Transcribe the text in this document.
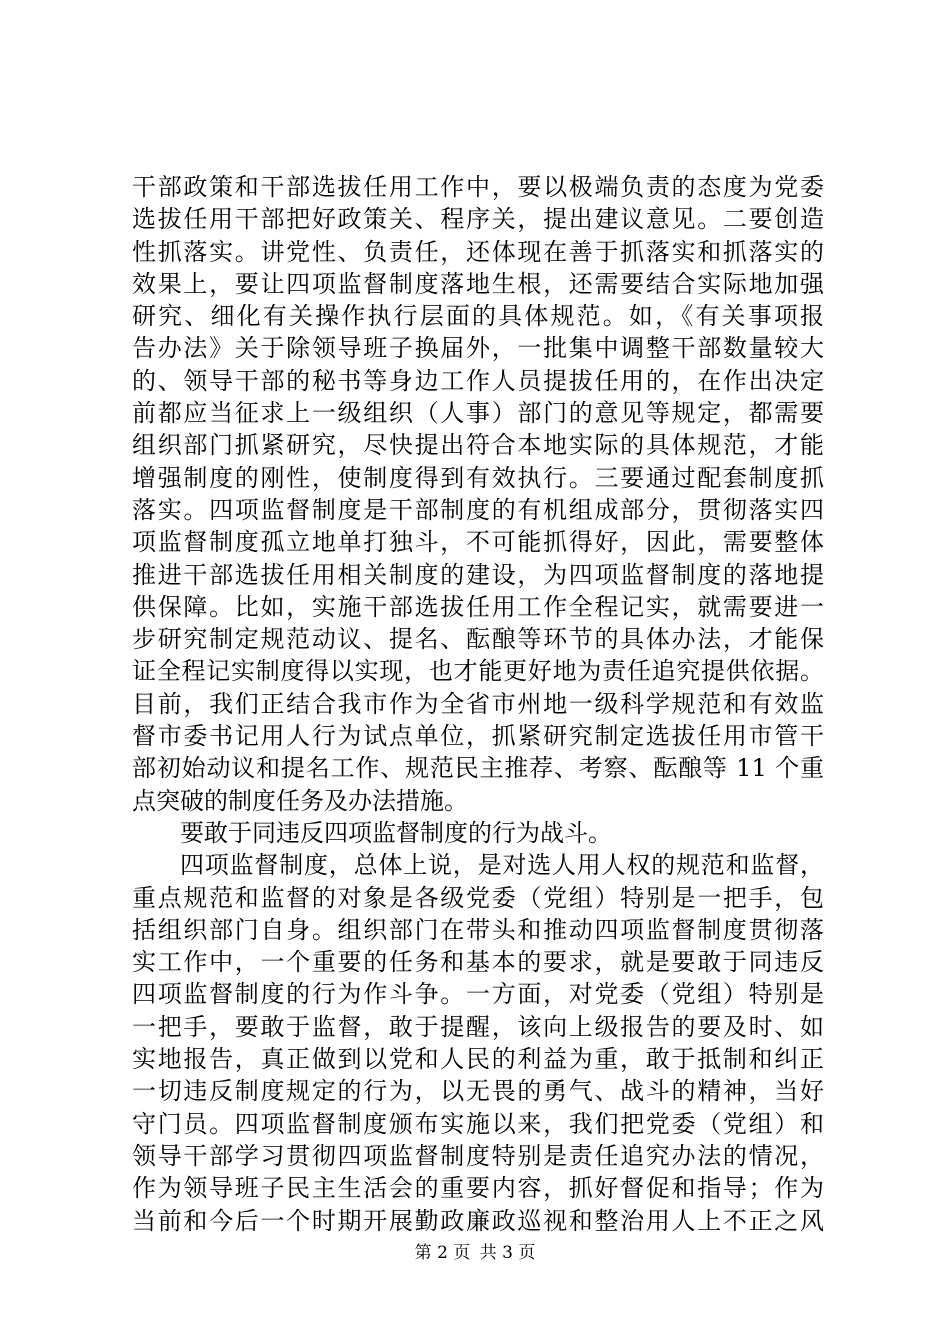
干部政策和干部选拔任用工作中，要以极端负责的态度为党委
选拔任用干部把好政策关、程序关，提出建议意见。二要创造
性抓落实。讲党性、负责任，还体现在善于抓落实和抓落实的
效果上，要让四项监督制度落地生根，还需要结合实际地加强
研究、细化有关操作执行层面的具体规范。如，《有关事项报
告办法》关于除领导班子换届外，一批集中调整干部数量较大
的、领导干部的秘书等身边工作人员提拔任用的，在作出决定
前都应当征求上一级组织（人事）部门的意见等规定，都需要
组织部门抓紧研究，尽快提出符合本地实际的具体规范，才能
增强制度的刚性，使制度得到有效执行。三要通过配套制度抓
落实。四项监督制度是干部制度的有机组成部分，贯彻落实四
项监督制度孤立地单打独斗，不可能抓得好，因此，需要整体
推进干部选拔任用相关制度的建设，为四项监督制度的落地提
供保障。比如，实施干部选拔任用工作全程记实，就需要进一
步研究制定规范动议、提名、酝酿等环节的具体办法，才能保
证全程记实制度得以实现，也才能更好地为责任追究提供依据。
目前，我们正结合我市作为全省市州地一级科学规范和有效监
督市委书记用人行为试点单位，抓紧研究制定选拔任用市管干
部初始动议和提名工作、规范民主推荐、考察、酝酿等 11 个重
点突破的制度任务及办法措施。
要敢于同违反四项监督制度的行为战斗。
四项监督制度，总体上说，是对选人用人权的规范和监督，
重点规范和监督的对象是各级党委（党组）特别是一把手，包
括组织部门自身。组织部门在带头和推动四项监督制度贯彻落
实工作中，一个重要的任务和基本的要求，就是要敢于同违反
四项监督制度的行为作斗争。一方面，对党委（党组）特别是
一把手，要敢于监督，敢于提醒，该向上级报告的要及时、如
实地报告，真正做到以党和人民的利益为重，敢于抵制和纠正
一切违反制度规定的行为，以无畏的勇气、战斗的精神，当好
守门员。四项监督制度颁布实施以来，我们把党委（党组）和
领导干部学习贯彻四项监督制度特别是责任追究办法的情况，
作为领导班子民主生活会的重要内容，抓好督促和指导；作为
当前和今后一个时期开展勤政廉政巡视和整治用人上不正之风
第 2 页 共 3 页
